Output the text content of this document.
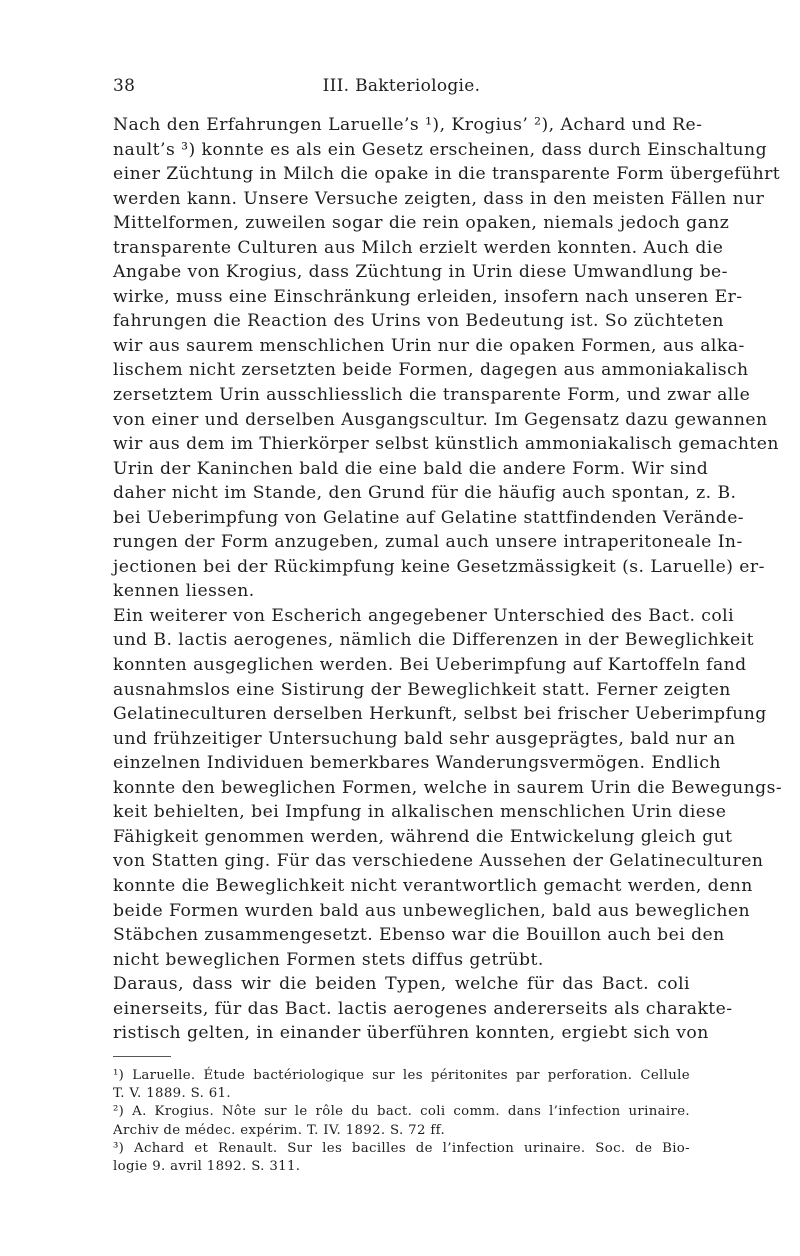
38	III. Bakteriologie.
Nach den Erfahrungen Laruelle’s ¹), Krogius’ ²), Achard und Re-
nault’s ³) konnte es als ein Gesetz erscheinen, dass durch Einschaltung
einer Züchtung in Milch die opake in die transparente Form übergeführt
werden kann. Unsere Versuche zeigten, dass in den meisten Fällen nur
Mittelformen, zuweilen sogar die rein opaken, niemals jedoch ganz
transparente Culturen aus Milch erzielt werden konnten. Auch die
Angabe von Krogius, dass Züchtung in Urin diese Umwandlung be-
wirke, muss eine Einschränkung erleiden, insofern nach unseren Er-
fahrungen die Reaction des Urins von Bedeutung ist. So züchteten
wir aus saurem menschlichen Urin nur die opaken Formen, aus alka-
lischem nicht zersetzten beide Formen, dagegen aus ammoniakalisch
zersetztem Urin ausschliesslich die transparente Form, und zwar alle
von einer und derselben Ausgangscultur. Im Gegensatz dazu gewannen
wir aus dem im Thierkörper selbst künstlich ammoniakalisch gemachten
Urin der Kaninchen bald die eine bald die andere Form. Wir sind
daher nicht im Stande, den Grund für die häufig auch spontan, z. B.
bei Ueberimpfung von Gelatine auf Gelatine stattfindenden Verände-
rungen der Form anzugeben, zumal auch unsere intraperitoneale In-
jectionen bei der Rückimpfung keine Gesetzmässigkeit (s. Laruelle) er-
kennen liessen.
Ein weiterer von Escherich angegebener Unterschied des Bact. coli
und B. lactis aerogenes, nämlich die Differenzen in der Beweglichkeit
konnten ausgeglichen werden. Bei Ueberimpfung auf Kartoffeln fand
ausnahmslos eine Sistirung der Beweglichkeit statt. Ferner zeigten
Gelatineculturen derselben Herkunft, selbst bei frischer Ueberimpfung
und frühzeitiger Untersuchung bald sehr ausgeprägtes, bald nur an
einzelnen Individuen bemerkbares Wanderungsvermögen. Endlich
konnte den beweglichen Formen, welche in saurem Urin die Bewegungs-
keit behielten, bei Impfung in alkalischen menschlichen Urin diese
Fähigkeit genommen werden, während die Entwickelung gleich gut
von Statten ging. Für das verschiedene Aussehen der Gelatineculturen
konnte die Beweglichkeit nicht verantwortlich gemacht werden, denn
beide Formen wurden bald aus unbeweglichen, bald aus beweglichen
Stäbchen zusammengesetzt. Ebenso war die Bouillon auch bei den
nicht beweglichen Formen stets diffus getrübt.
Daraus, dass wir die beiden Typen, welche für das Bact. coli
einerseits, für das Bact. lactis aerogenes andererseits als charakte-
ristisch gelten, in einander überführen konnten, ergiebt sich von
¹) Laruelle. Étude bactériologique sur les péritonites par perforation. Cellule
T. V. 1889. S. 61.
²) A. Krogius. Nôte sur le rôle du bact. coli comm. dans l’infection urinaire.
Archiv de médec. expérim. T. IV. 1892. S. 72 ff.
³) Achard et Renault. Sur les bacilles de l’infection urinaire. Soc. de Bio-
logie 9. avril 1892. S. 311.
